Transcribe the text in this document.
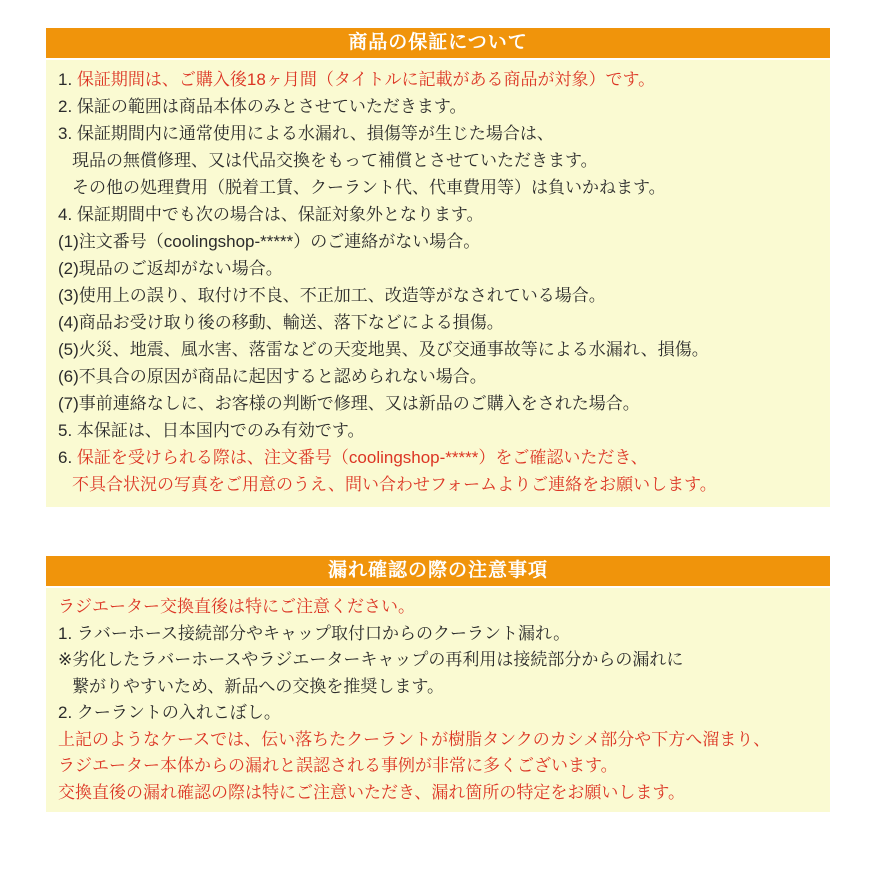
商品の保証について
1. 保証期間は、ご購入後18ヶ月間（タイトルに記載がある商品が対象）です。
2. 保証の範囲は商品本体のみとさせていただきます。
3. 保証期間内に通常使用による水漏れ、損傷等が生じた場合は、
現品の無償修理、又は代品交換をもって補償とさせていただきます。
その他の処理費用（脱着工賃、クーラント代、代車費用等）は負いかねます。
4. 保証期間中でも次の場合は、保証対象外となります。
(1)注文番号（coolingshop-*****）のご連絡がない場合。
(2)現品のご返却がない場合。
(3)使用上の誤り、取付け不良、不正加工、改造等がなされている場合。
(4)商品お受け取り後の移動、輸送、落下などによる損傷。
(5)火災、地震、風水害、落雷などの天変地異、及び交通事故等による水漏れ、損傷。
(6)不具合の原因が商品に起因すると認められない場合。
(7)事前連絡なしに、お客様の判断で修理、又は新品のご購入をされた場合。
5. 本保証は、日本国内でのみ有効です。
6. 保証を受けられる際は、注文番号（coolingshop-*****）をご確認いただき、
不具合状況の写真をご用意のうえ、問い合わせフォームよりご連絡をお願いします。
漏れ確認の際の注意事項
ラジエーター交換直後は特にご注意ください。
1. ラバーホース接続部分やキャップ取付口からのクーラント漏れ。
※劣化したラバーホースやラジエーターキャップの再利用は接続部分からの漏れに
繋がりやすいため、新品への交換を推奨します。
2. クーラントの入れこぼし。
上記のようなケースでは、伝い落ちたクーラントが樹脂タンクのカシメ部分や下方へ溜まり、
ラジエーター本体からの漏れと誤認される事例が非常に多くございます。
交換直後の漏れ確認の際は特にご注意いただき、漏れ箇所の特定をお願いします。
